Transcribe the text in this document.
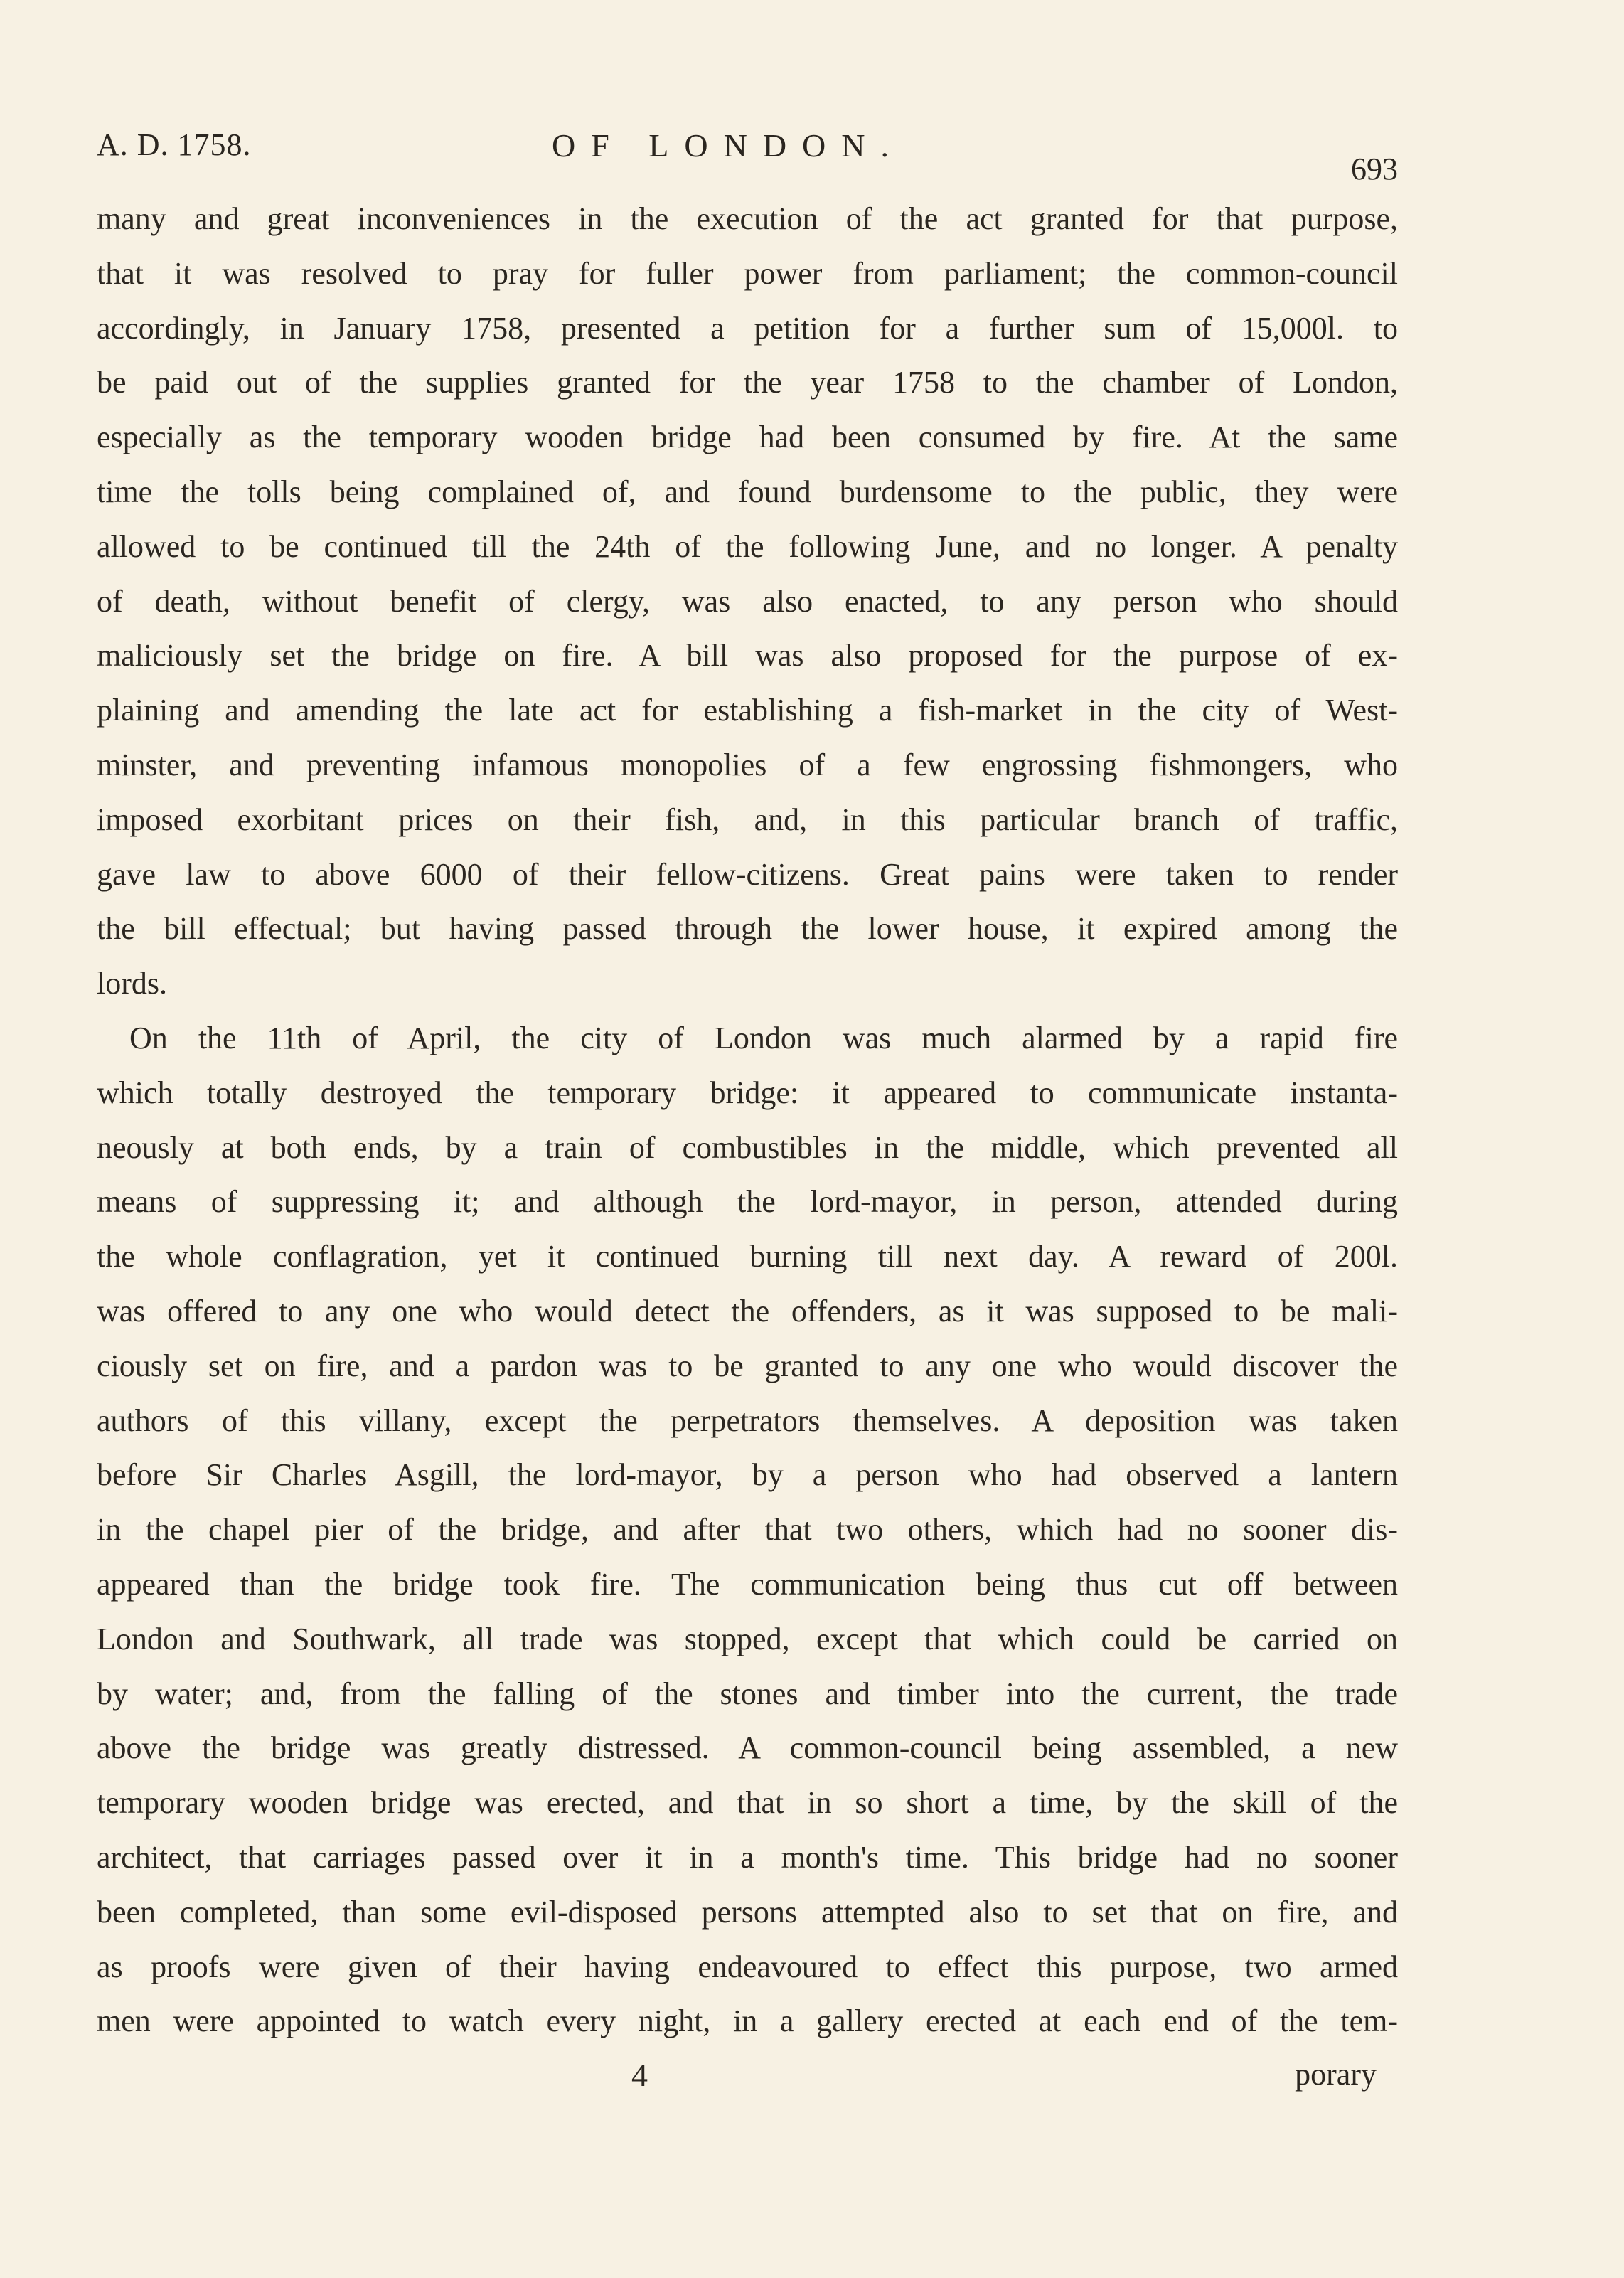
A. D. 1758.	OF LONDON.
693
many and great inconveniences in the execution of the act granted for that purpose,
that it was resolved to pray for fuller power from parliament; the common-council
accordingly, in January 1758, presented a petition for a further sum of 15,000l. to
be paid out of the supplies granted for the year 1758 to the chamber of London,
especially as the temporary wooden bridge had been consumed by fire. At the same
time the tolls being complained of, and found burdensome to the public, they were
allowed to be continued till the 24th of the following June, and no longer. A penalty
of death, without benefit of clergy, was also enacted, to any person who should
maliciously set the bridge on fire. A bill was also proposed for the purpose of ex-
plaining and amending the late act for establishing a fish-market in the city of West-
minster, and preventing infamous monopolies of a few engrossing fishmongers, who
imposed exorbitant prices on their fish, and, in this particular branch of traffic,
gave law to above 6000 of their fellow-citizens. Great pains were taken to render
the bill effectual; but having passed through the lower house, it expired among the
lords.
On the 11th of April, the city of London was much alarmed by a rapid fire
which totally destroyed the temporary bridge: it appeared to communicate instanta-
neously at both ends, by a train of combustibles in the middle, which prevented all
means of suppressing it; and although the lord-mayor, in person, attended during
the whole conflagration, yet it continued burning till next day. A reward of 200l.
was offered to any one who would detect the offenders, as it was supposed to be mali-
ciously set on fire, and a pardon was to be granted to any one who would discover the
authors of this villany, except the perpetrators themselves. A deposition was taken
before Sir Charles Asgill, the lord-mayor, by a person who had observed a lantern
in the chapel pier of the bridge, and after that two others, which had no sooner dis-
appeared than the bridge took fire. The communication being thus cut off between
London and Southwark, all trade was stopped, except that which could be carried on
by water; and, from the falling of the stones and timber into the current, the trade
above the bridge was greatly distressed. A common-council being assembled, a new
temporary wooden bridge was erected, and that in so short a time, by the skill of the
architect, that carriages passed over it in a month's time. This bridge had no sooner
been completed, than some evil-disposed persons attempted also to set that on fire, and
as proofs were given of their having endeavoured to effect this purpose, two armed
men were appointed to watch every night, in a gallery erected at each end of the tem-
4	porary
